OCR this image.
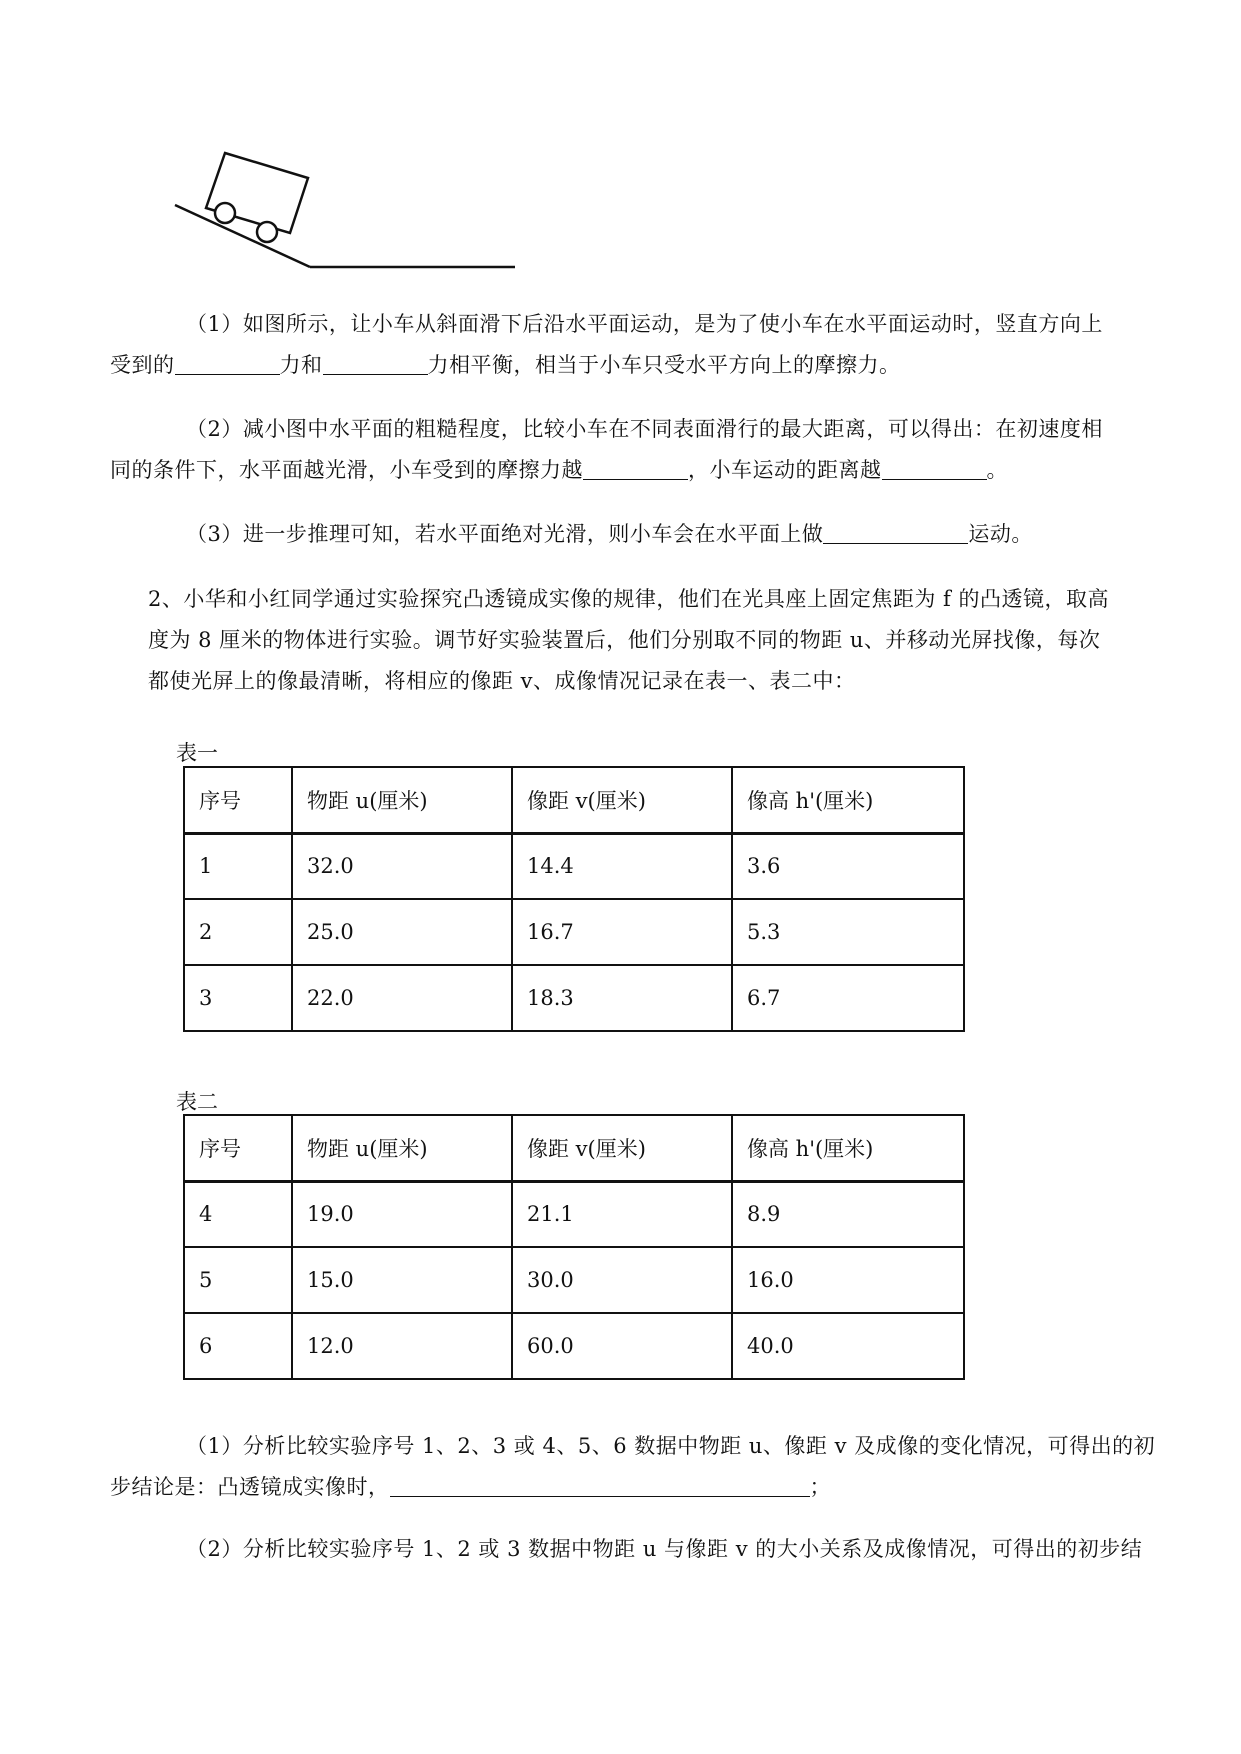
（1）如图所示，让小车从斜面滑下后沿水平面运动，是为了使小车在水平面运动时，竖直方向上
受到的	力和	力相平衡，相当于小车只受水平方向上的摩擦力。
（2）减小图中水平面的粗糙程度，比较小车在不同表面滑行的最大距离，可以得出：在初速度相
同的条件下，水平面越光滑，小车受到的摩擦力越	，小车运动的距离越	。
（3）进一步推理可知，若水平面绝对光滑，则小车会在水平面上做	运动。
2、小华和小红同学通过实验探究凸透镜成实像的规律，他们在光具座上固定焦距为 f 的凸透镜，取高
度为 8 厘米的物体进行实验。调节好实验装置后，他们分别取不同的物距 u、并移动光屏找像，每次
都使光屏上的像最清晰，将相应的像距 v、成像情况记录在表一、表二中：
表一
序号	物距 u(厘米)	像距 v(厘米)	像高 h'(厘米)
1	32.0	14.4	3.6
2	25.0	16.7	5.3
3	22.0	18.3	6.7
表二
序号	物距 u(厘米)	像距 v(厘米)	像高 h'(厘米)
4	19.0	21.1	8.9
5	15.0	30.0	16.0
6	12.0	60.0	40.0
（1）分析比较实验序号 1、2、3 或 4、5、6 数据中物距 u、像距 v 及成像的变化情况，可得出的初
步结论是：凸透镜成实像时，	；
（2）分析比较实验序号 1、2 或 3 数据中物距 u 与像距 v 的大小关系及成像情况，可得出的初步结
